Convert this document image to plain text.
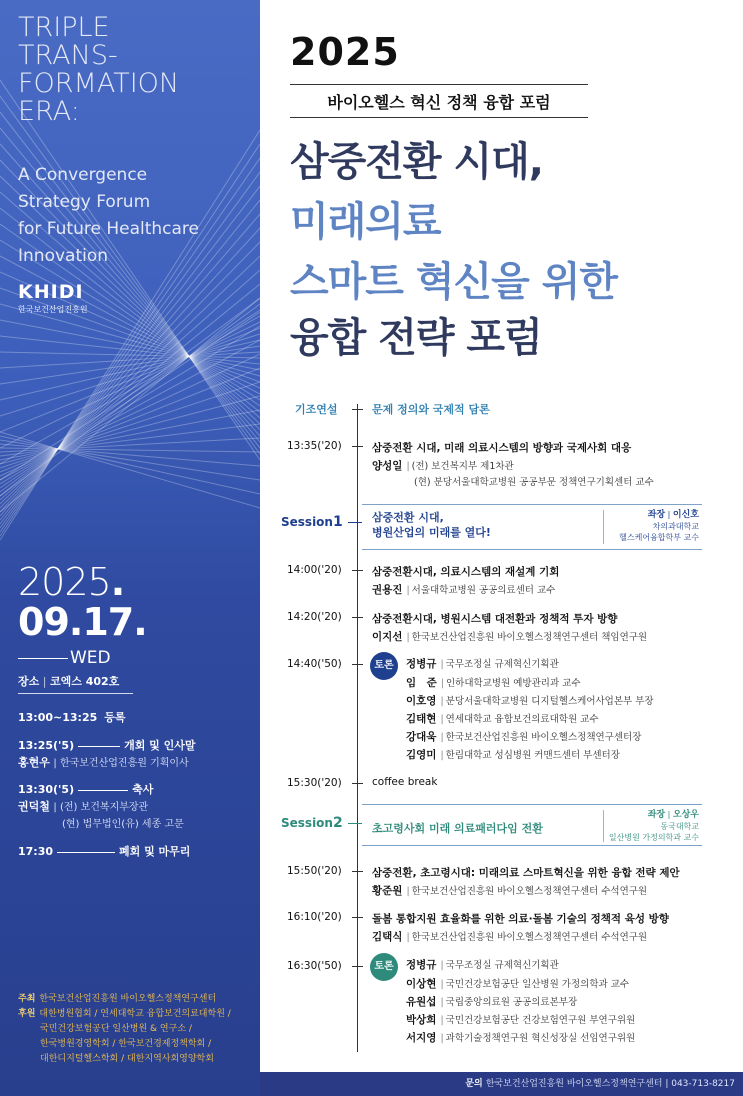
TRIPLE
TRANS-
FORMATION
ERA:
A Convergence
Strategy Forum
for Future Healthcare
Innovation
KHIDI
한국보건산업진흥원
2025.
09.17.
WED
장소 | 코엑스 402호
13:00~13:25 등록
13:25('5)	개회 및 인사말
홍현우 | 한국보건산업진흥원 기획이사
13:30('5)	축사
권덕철 | (전) 보건복지부장관
(현) 법무법인(유) 세종 고문
17:30	폐회 및 마무리
주최 한국보건산업진흥원 바이오헬스정책연구센터
후원 대한병원협회 / 연세대학교 융합보건의료대학원 /
국민건강보험공단 일산병원 & 연구소 /
한국병원경영학회 / 한국보건경제정책학회 /
대한디지털헬스학회 / 대한지역사회영양학회
2025
바이오헬스 혁신 정책 융합 포럼
삼중전환 시대,
미래의료
스마트 혁신을 위한
융합 전략 포럼
기조연설	문제 정의와 국제적 담론
13:35('20)	삼중전환 시대, 미래 의료시스템의 방향과 국제사회 대응
양성일 | (전) 보건복지부 제1차관
(현) 분당서울대학교병원 공공부문 정책연구기획센터 교수
Session1	삼중전환 시대,
병원산업의 미래를 열다!
좌장 | 이신호
차의과대학교
헬스케어융합학부 교수
14:00('20)	삼중전환시대, 의료시스템의 재설계 기회
권용진 | 서울대학교병원 공공의료센터 교수
14:20('20)	삼중전환시대, 병원시스템 대전환과 정책적 투자 방향
이지선 | 한국보건산업진흥원 바이오헬스정책연구센터 책임연구원
14:40('50)	토론	정병규 | 국무조정실 규제혁신기획관
임　준 | 인하대학교병원 예방관리과 교수
이호영 | 분당서울대학교병원 디지털헬스케어사업본부 부장
김태현 | 연세대학교 융합보건의료대학원 교수
강대욱 | 한국보건산업진흥원 바이오헬스정책연구센터장
김영미 | 한림대학교 성심병원 커맨드센터 부센터장
15:30('20)	coffee break
Session2	초고령사회 미래 의료패러다임 전환
좌장 | 오상우
동국대학교
일산병원 가정의학과 교수
15:50('20)	삼중전환, 초고령시대: 미래의료 스마트혁신을 위한 융합 전략 제안
황준원 | 한국보건산업진흥원 바이오헬스정책연구센터 수석연구원
16:10('20)	돌봄 통합지원 효율화를 위한 의료·돌봄 기술의 정책적 육성 방향
김택식 | 한국보건산업진흥원 바이오헬스정책연구센터 수석연구원
16:30('50)	토론	정병규 | 국무조정실 규제혁신기획관
이상현 | 국민건강보험공단 일산병원 가정의학과 교수
유원섭 | 국립중앙의료원 공공의료본부장
박상희 | 국민건강보험공단 건강보험연구원 부연구위원
서지영 | 과학기술정책연구원 혁신성장실 선임연구위원
문의 한국보건산업진흥원 바이오헬스정책연구센터 | 043-713-8217
